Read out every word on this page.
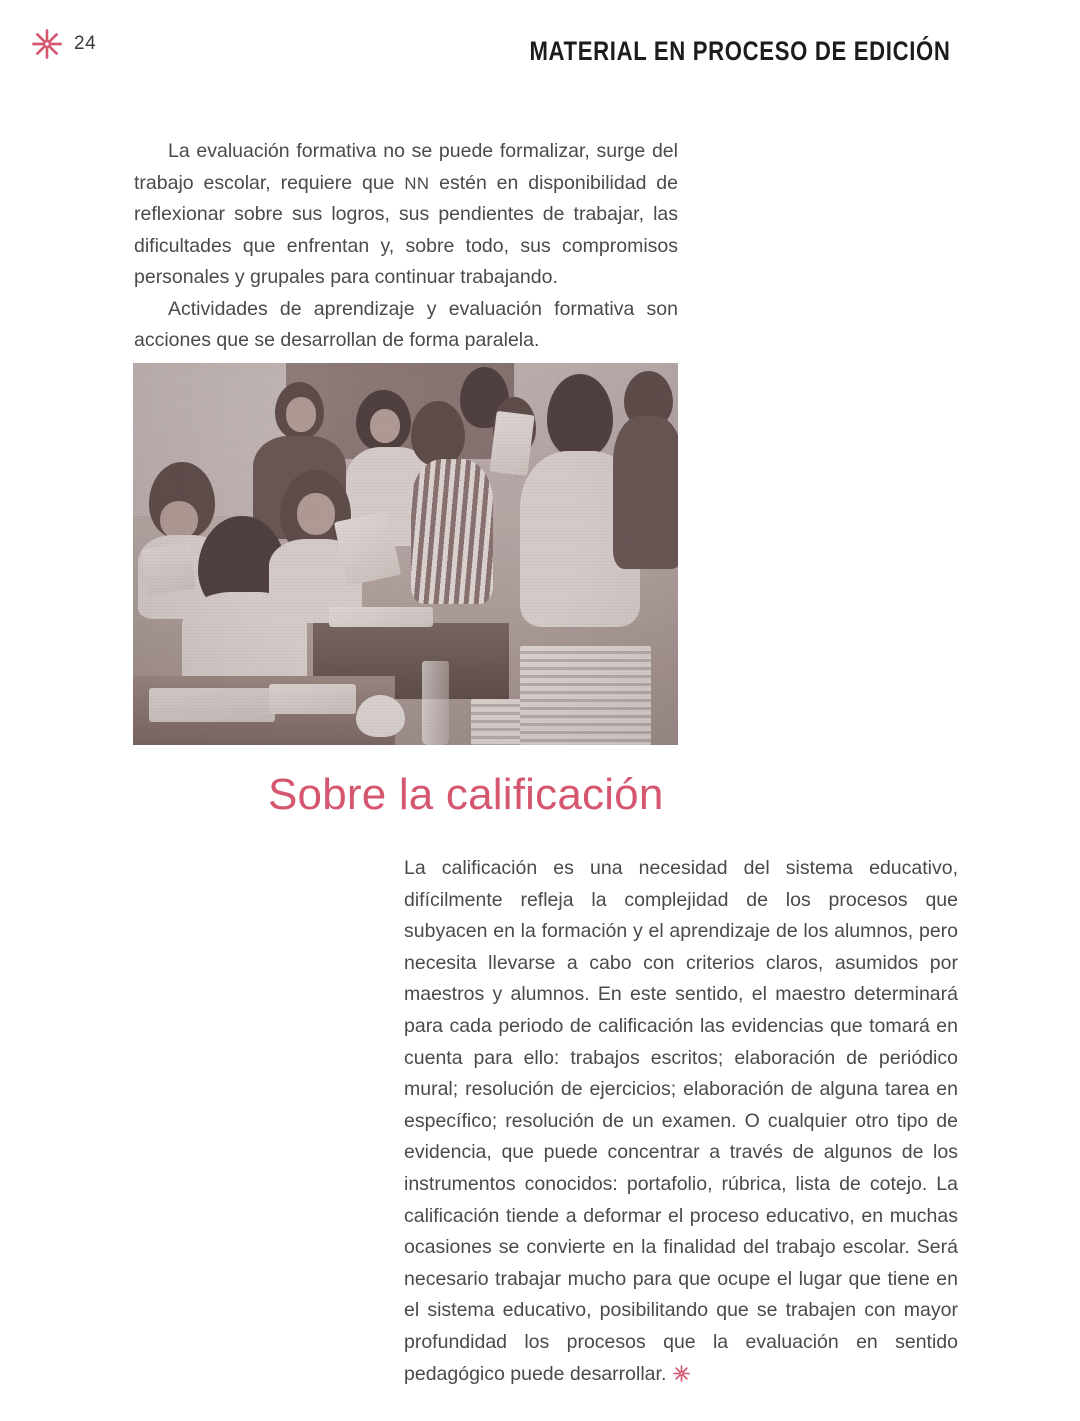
24	MATERIAL EN PROCESO DE EDICIÓN

La evaluación formativa no se puede formalizar, surge del trabajo escolar, requiere que NN estén en disponibilidad de reflexionar sobre sus logros, sus pendientes de trabajar, las dificultades que enfrentan y, sobre todo, sus compromisos personales y grupales para continuar trabajando.

Actividades de aprendizaje y evaluación formativa son acciones que se desarrollan de forma paralela.

Sobre la calificación

La calificación es una necesidad del sistema educativo, difícilmente refleja la complejidad de los procesos que subyacen en la formación y el aprendizaje de los alumnos, pero necesita llevarse a cabo con criterios claros, asumidos por maestros y alumnos. En este sentido, el maestro determinará para cada periodo de calificación las evidencias que tomará en cuenta para ello: trabajos escritos; elaboración de periódico mural; resolución de ejercicios; elaboración de alguna tarea en específico; resolución de un examen. O cualquier otro tipo de evidencia, que puede concentrar a través de algunos de los instrumentos conocidos: portafolio, rúbrica, lista de cotejo. La calificación tiende a deformar el proceso educativo, en muchas ocasiones se convierte en la finalidad del trabajo escolar. Será necesario trabajar mucho para que ocupe el lugar que tiene en el sistema educativo, posibilitando que se trabajen con mayor profundidad los procesos que la evaluación en sentido pedagógico puede desarrollar.
